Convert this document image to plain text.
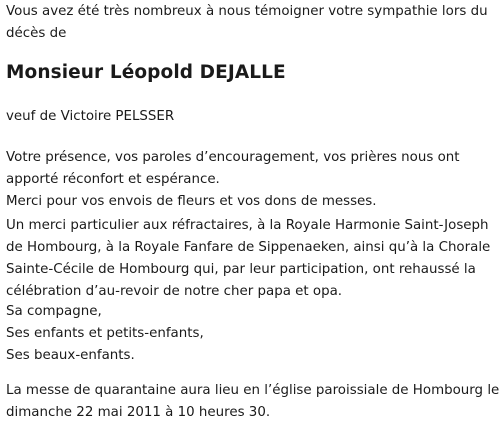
Vous avez été très nombreux à nous témoigner votre sympathie lors du
décès de

Monsieur Léopold DEJALLE

veuf de Victoire PELSSER

Votre présence, vos paroles d’encouragement, vos prières nous ont
apporté réconfort et espérance.

Merci pour vos envois de fleurs et vos dons de messes.

Un merci particulier aux réfractaires, à la Royale Harmonie Saint-Joseph
de Hombourg, à la Royale Fanfare de Sippenaeken, ainsi qu’à la Chorale
Sainte-Cécile de Hombourg qui, par leur participation, ont rehaussé la
célébration d’au-revoir de notre cher papa et opa.

Sa compagne,
Ses enfants et petits-enfants,
Ses beaux-enfants.

La messe de quarantaine aura lieu en l’église paroissiale de Hombourg le
dimanche 22 mai 2011 à 10 heures 30.
